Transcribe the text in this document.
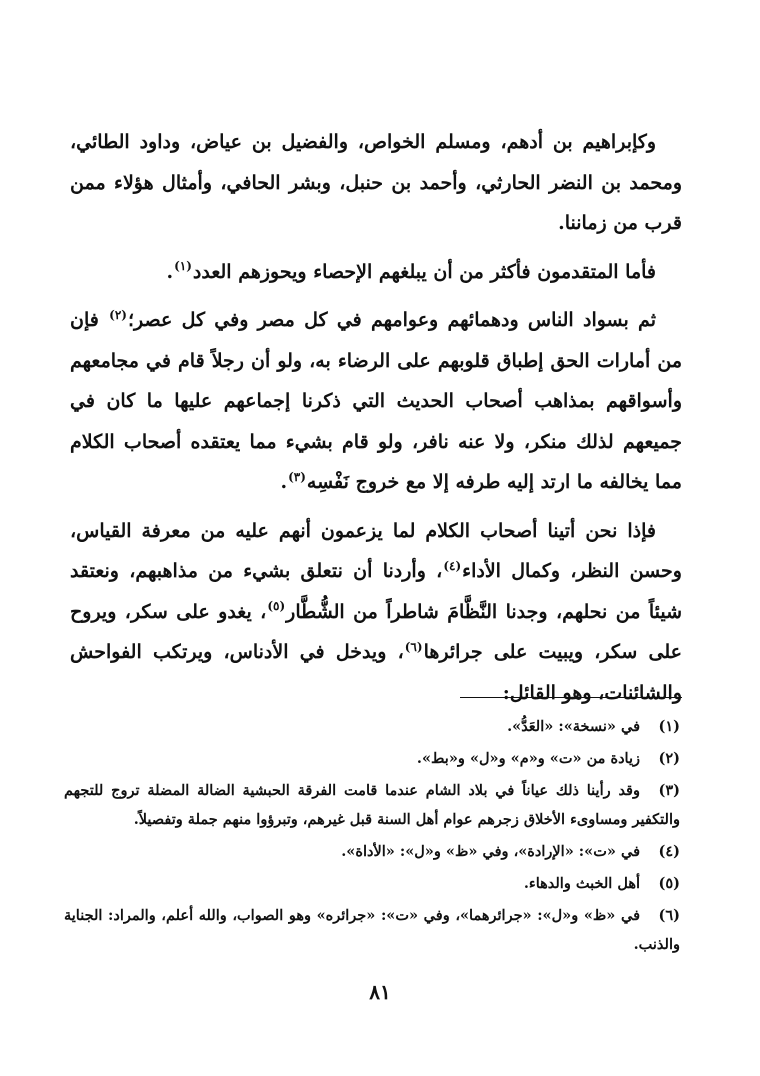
وكإبراهيم بن أدهم، ومسلم الخواص، والفضيل بن عياض، وداود الطائي، ومحمد بن النضر الحارثي، وأحمد بن حنبل، وبشر الحافي، وأمثال هؤلاء ممن قرب من زماننا.

فأما المتقدمون فأكثر من أن يبلغهم الإحصاء ويحوزهم العدد$^{(١)}$.

ثم بسواد الناس ودهمائهم وعوامهم في كل مصر وفي كل عصر؛$^{(٢)}$ فإن من أمارات الحق إطباق قلوبهم على الرضاء به، ولو أن رجلاً قام في مجامعهم وأسواقهم بمذاهب أصحاب الحديث التي ذكرنا إجماعهم عليها ما كان في جميعهم لذلك منكر، ولا عنه نافر، ولو قام بشيء مما يعتقده أصحاب الكلام مما يخالفه ما ارتد إليه طرفه إلا مع خروج نَفْسِه$^{(٣)}$.

فإذا نحن أتينا أصحاب الكلام لما يزعمون أنهم عليه من معرفة القياس، وحسن النظر، وكمال الأداء$^{(٤)}$، وأردنا أن نتعلق بشيء من مذاهبهم، ونعتقد شيئاً من نحلهم، وجدنا النَّظَّامَ شاطراً من الشُّطَّار$^{(٥)}$، يغدو على سكر، ويروح على سكر، ويبيت على جرائرها$^{(٦)}$، ويدخل في الأدناس، ويرتكب الفواحش والشائنات، وهو القائل:

(١)في «نسخة»: «العَدُّ».
(٢)زيادة من «ت» و«م» و«ل» و«بط».
(٣)وقد رأينا ذلك عياناً في بلاد الشام عندما قامت الفرقة الحبشية الضالة المضلة تروج للتجهم والتكفير ومساوىء الأخلاق زجرهم عوام أهل السنة قبل غيرهم، وتبرؤوا منهم جملة وتفصيلاً.
(٤)في «ت»: «الإرادة»، وفي «ظ» و«ل»: «الأداة».
(٥)أهل الخبث والدهاء.
(٦)في «ظ» و«ل»: «جرائرهما»، وفي «ت»: «جرائره» وهو الصواب، والله أعلم، والمراد: الجناية والذنب.
٨١
